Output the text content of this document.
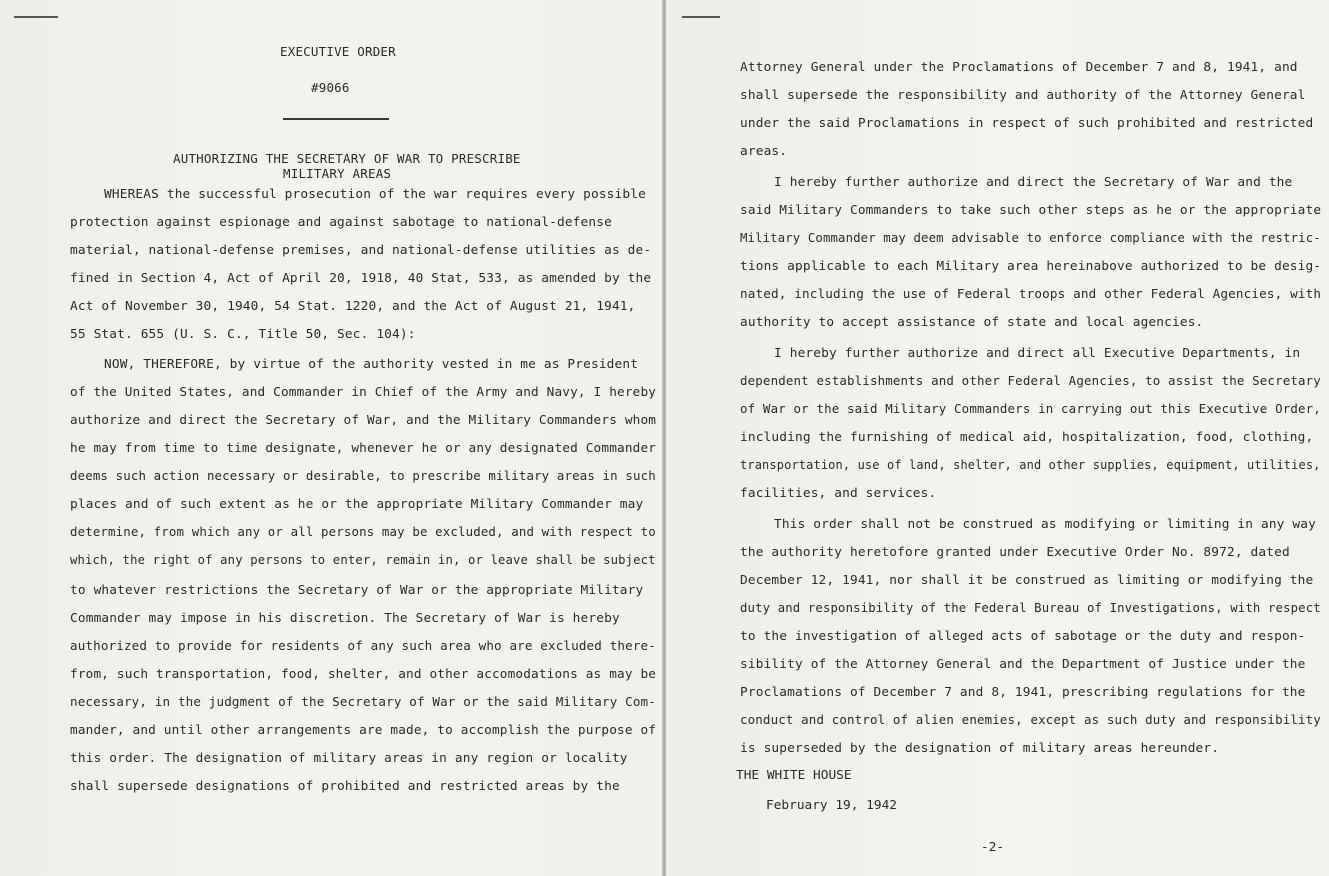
EXECUTIVE ORDER
#9066
AUTHORIZING THE SECRETARY OF WAR TO PRESCRIBE
MILITARY AREAS
WHEREAS the successful prosecution of the war requires every possible
protection against espionage and against sabotage to national-defense
material, national-defense premises, and national-defense utilities as de-
fined in Section 4, Act of April 20, 1918, 40 Stat, 533, as amended by the
Act of November 30, 1940, 54 Stat. 1220, and the Act of August 21, 1941,
55 Stat. 655 (U. S. C., Title 50, Sec. 104):
NOW, THEREFORE, by virtue of the authority vested in me as President
of the United States, and Commander in Chief of the Army and Navy, I hereby
authorize and direct the Secretary of War, and the Military Commanders whom
he may from time to time designate, whenever he or any designated Commander
deems such action necessary or desirable, to prescribe military areas in such
places and of such extent as he or the appropriate Military Commander may
determine, from which any or all persons may be excluded, and with respect to
which, the right of any persons to enter, remain in, or leave shall be subject
to whatever restrictions the Secretary of War or the appropriate Military
Commander may impose in his discretion. The Secretary of War is hereby
authorized to provide for residents of any such area who are excluded there-
from, such transportation, food, shelter, and other accomodations as may be
necessary, in the judgment of the Secretary of War or the said Military Com-
mander, and until other arrangements are made, to accomplish the purpose of
this order. The designation of military areas in any region or locality
shall supersede designations of prohibited and restricted areas by the
Attorney General under the Proclamations of December 7 and 8, 1941, and
shall supersede the responsibility and authority of the Attorney General
under the said Proclamations in respect of such prohibited and restricted
areas.
I hereby further authorize and direct the Secretary of War and the
said Military Commanders to take such other steps as he or the appropriate
Military Commander may deem advisable to enforce compliance with the restric-
tions applicable to each Military area hereinabove authorized to be desig-
nated, including the use of Federal troops and other Federal Agencies, with
authority to accept assistance of state and local agencies.
I hereby further authorize and direct all Executive Departments, in
dependent establishments and other Federal Agencies, to assist the Secretary
of War or the said Military Commanders in carrying out this Executive Order,
including the furnishing of medical aid, hospitalization, food, clothing,
transportation, use of land, shelter, and other supplies, equipment, utilities,
facilities, and services.
This order shall not be construed as modifying or limiting in any way
the authority heretofore granted under Executive Order No. 8972, dated
December 12, 1941, nor shall it be construed as limiting or modifying the
duty and responsibility of the Federal Bureau of Investigations, with respect
to the investigation of alleged acts of sabotage or the duty and respon-
sibility of the Attorney General and the Department of Justice under the
Proclamations of December 7 and 8, 1941, prescribing regulations for the
conduct and control of alien enemies, except as such duty and responsibility
is superseded by the designation of military areas hereunder.
THE WHITE HOUSE
February 19, 1942
-2-
